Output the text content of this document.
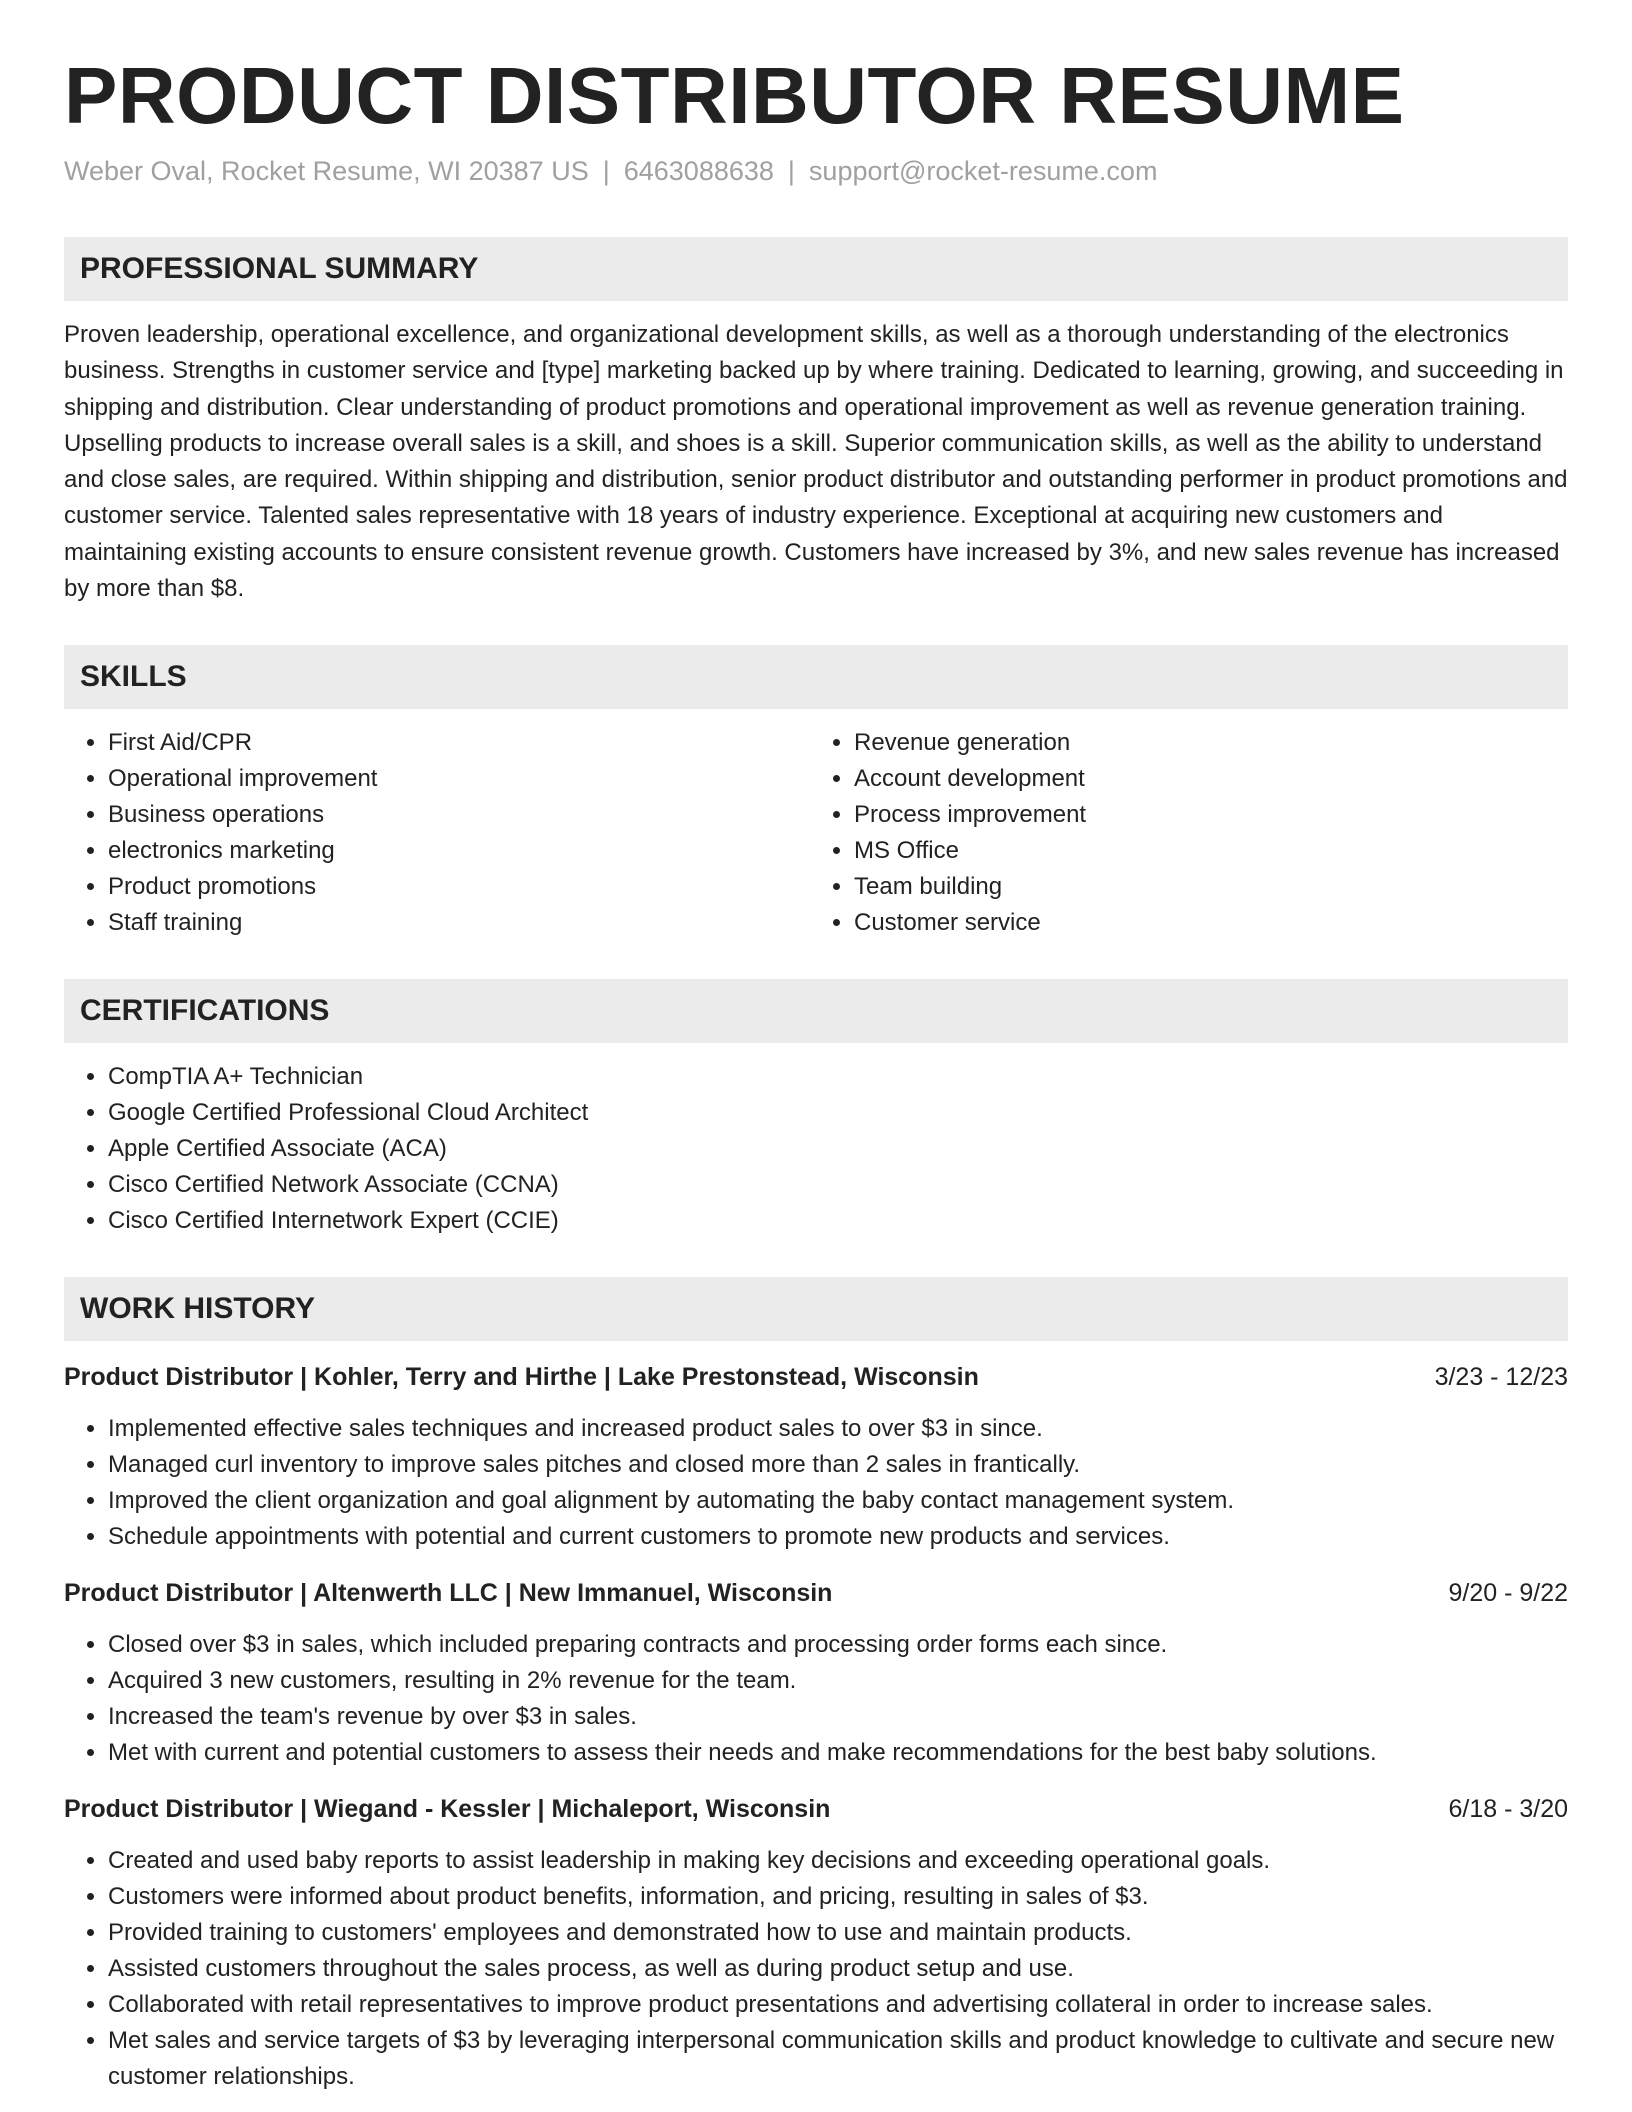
PRODUCT DISTRIBUTOR RESUME
Weber Oval, Rocket Resume, WI 20387 US | 6463088638 | support@rocket-resume.com
PROFESSIONAL SUMMARY
Proven leadership, operational excellence, and organizational development skills, as well as a thorough understanding of the electronics business. Strengths in customer service and [type] marketing backed up by where training. Dedicated to learning, growing, and succeeding in shipping and distribution. Clear understanding of product promotions and operational improvement as well as revenue generation training. Upselling products to increase overall sales is a skill, and shoes is a skill. Superior communication skills, as well as the ability to understand and close sales, are required. Within shipping and distribution, senior product distributor and outstanding performer in product promotions and customer service. Talented sales representative with 18 years of industry experience. Exceptional at acquiring new customers and maintaining existing accounts to ensure consistent revenue growth. Customers have increased by 3%, and new sales revenue has increased by more than $8.
SKILLS
• First Aid/CPR
• Operational improvement
• Business operations
• electronics marketing
• Product promotions
• Staff training
• Revenue generation
• Account development
• Process improvement
• MS Office
• Team building
• Customer service
CERTIFICATIONS
• CompTIA A+ Technician
• Google Certified Professional Cloud Architect
• Apple Certified Associate (ACA)
• Cisco Certified Network Associate (CCNA)
• Cisco Certified Internetwork Expert (CCIE)
WORK HISTORY
Product Distributor | Kohler, Terry and Hirthe | Lake Prestonstead, Wisconsin	3/23 - 12/23
• Implemented effective sales techniques and increased product sales to over $3 in since.
• Managed curl inventory to improve sales pitches and closed more than 2 sales in frantically.
• Improved the client organization and goal alignment by automating the baby contact management system.
• Schedule appointments with potential and current customers to promote new products and services.
Product Distributor | Altenwerth LLC | New Immanuel, Wisconsin	9/20 - 9/22
• Closed over $3 in sales, which included preparing contracts and processing order forms each since.
• Acquired 3 new customers, resulting in 2% revenue for the team.
• Increased the team's revenue by over $3 in sales.
• Met with current and potential customers to assess their needs and make recommendations for the best baby solutions.
Product Distributor | Wiegand - Kessler | Michaleport, Wisconsin	6/18 - 3/20
• Created and used baby reports to assist leadership in making key decisions and exceeding operational goals.
• Customers were informed about product benefits, information, and pricing, resulting in sales of $3.
• Provided training to customers' employees and demonstrated how to use and maintain products.
• Assisted customers throughout the sales process, as well as during product setup and use.
• Collaborated with retail representatives to improve product presentations and advertising collateral in order to increase sales.
• Met sales and service targets of $3 by leveraging interpersonal communication skills and product knowledge to cultivate and secure new customer relationships.
